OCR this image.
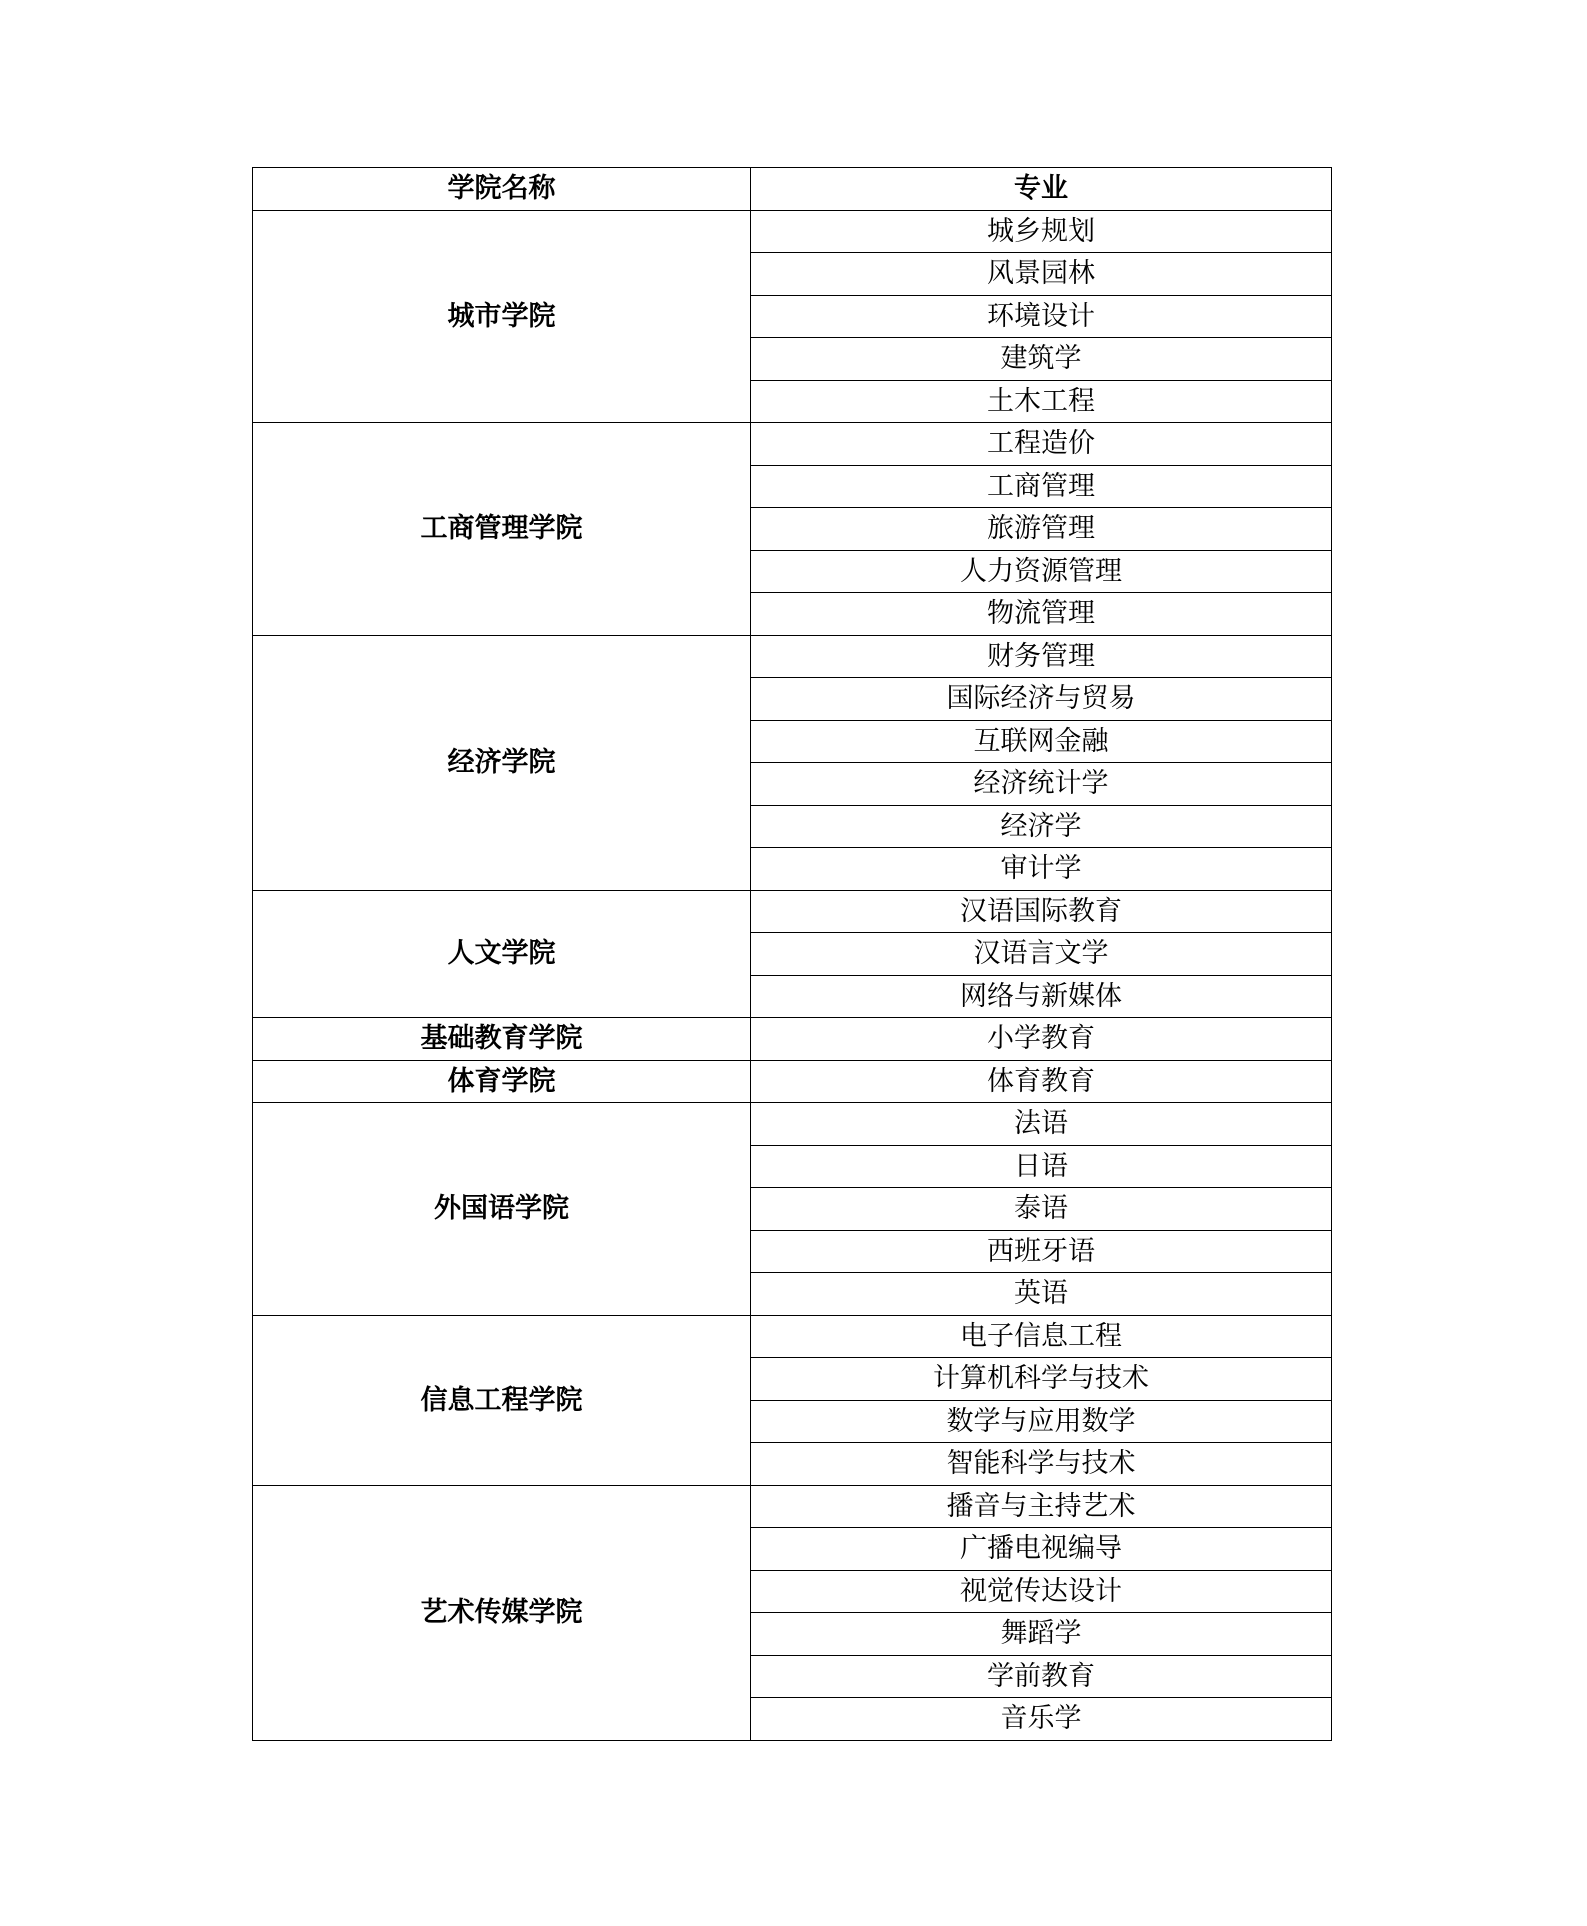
学院名称	专业
城市学院	城乡规划
	风景园林
	环境设计
	建筑学
	土木工程
工商管理学院	工程造价
	工商管理
	旅游管理
	人力资源管理
	物流管理
经济学院	财务管理
	国际经济与贸易
	互联网金融
	经济统计学
	经济学
	审计学
人文学院	汉语国际教育
	汉语言文学
	网络与新媒体
基础教育学院	小学教育
体育学院	体育教育
外国语学院	法语
	日语
	泰语
	西班牙语
	英语
信息工程学院	电子信息工程
	计算机科学与技术
	数学与应用数学
	智能科学与技术
艺术传媒学院	播音与主持艺术
	广播电视编导
	视觉传达设计
	舞蹈学
	学前教育
	音乐学
